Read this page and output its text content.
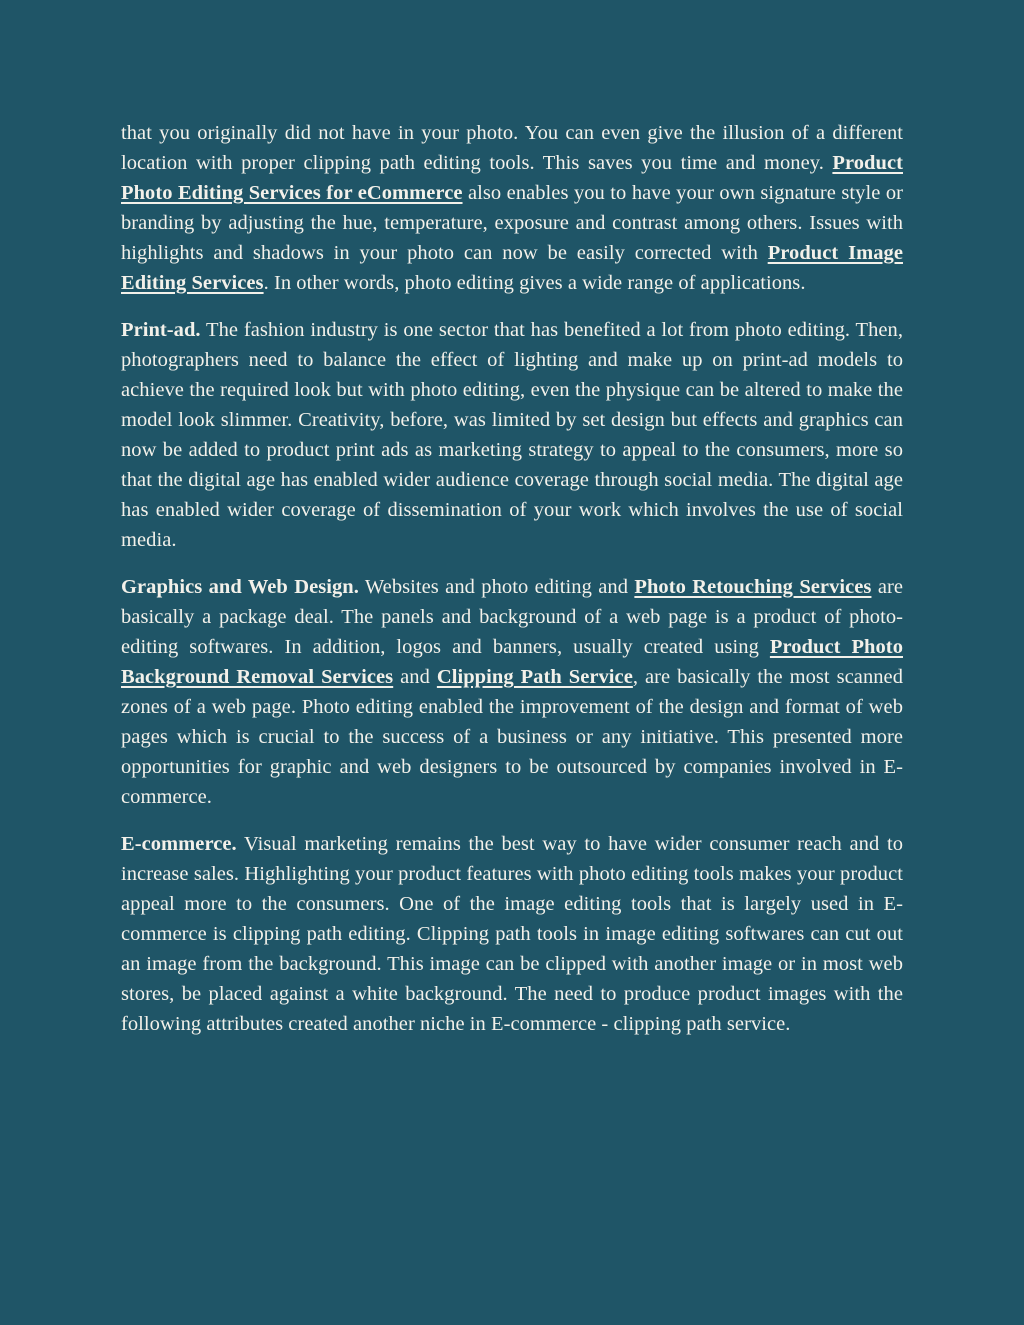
that you originally did not have in your photo. You can even give the illusion of a different location with proper clipping path editing tools. This saves you time and money. Product Photo Editing Services for eCommerce also enables you to have your own signature style or branding by adjusting the hue, temperature, exposure and contrast among others. Issues with highlights and shadows in your photo can now be easily corrected with Product Image Editing Services. In other words, photo editing gives a wide range of applications.

Print-ad. The fashion industry is one sector that has benefited a lot from photo editing. Then, photographers need to balance the effect of lighting and make up on print-ad models to achieve the required look but with photo editing, even the physique can be altered to make the model look slimmer. Creativity, before, was limited by set design but effects and graphics can now be added to product print ads as marketing strategy to appeal to the consumers, more so that the digital age has enabled wider audience coverage through social media. The digital age has enabled wider coverage of dissemination of your work which involves the use of social media.

Graphics and Web Design. Websites and photo editing and Photo Retouching Services are basically a package deal. The panels and background of a web page is a product of photo-editing softwares. In addition, logos and banners, usually created using Product Photo Background Removal Services and Clipping Path Service, are basically the most scanned zones of a web page. Photo editing enabled the improvement of the design and format of web pages which is crucial to the success of a business or any initiative. This presented more opportunities for graphic and web designers to be outsourced by companies involved in E-commerce.

E-commerce. Visual marketing remains the best way to have wider consumer reach and to increase sales. Highlighting your product features with photo editing tools makes your product appeal more to the consumers. One of the image editing tools that is largely used in E-commerce is clipping path editing. Clipping path tools in image editing softwares can cut out an image from the background. This image can be clipped with another image or in most web stores, be placed against a white background. The need to produce product images with the following attributes created another niche in E-commerce - clipping path service.
